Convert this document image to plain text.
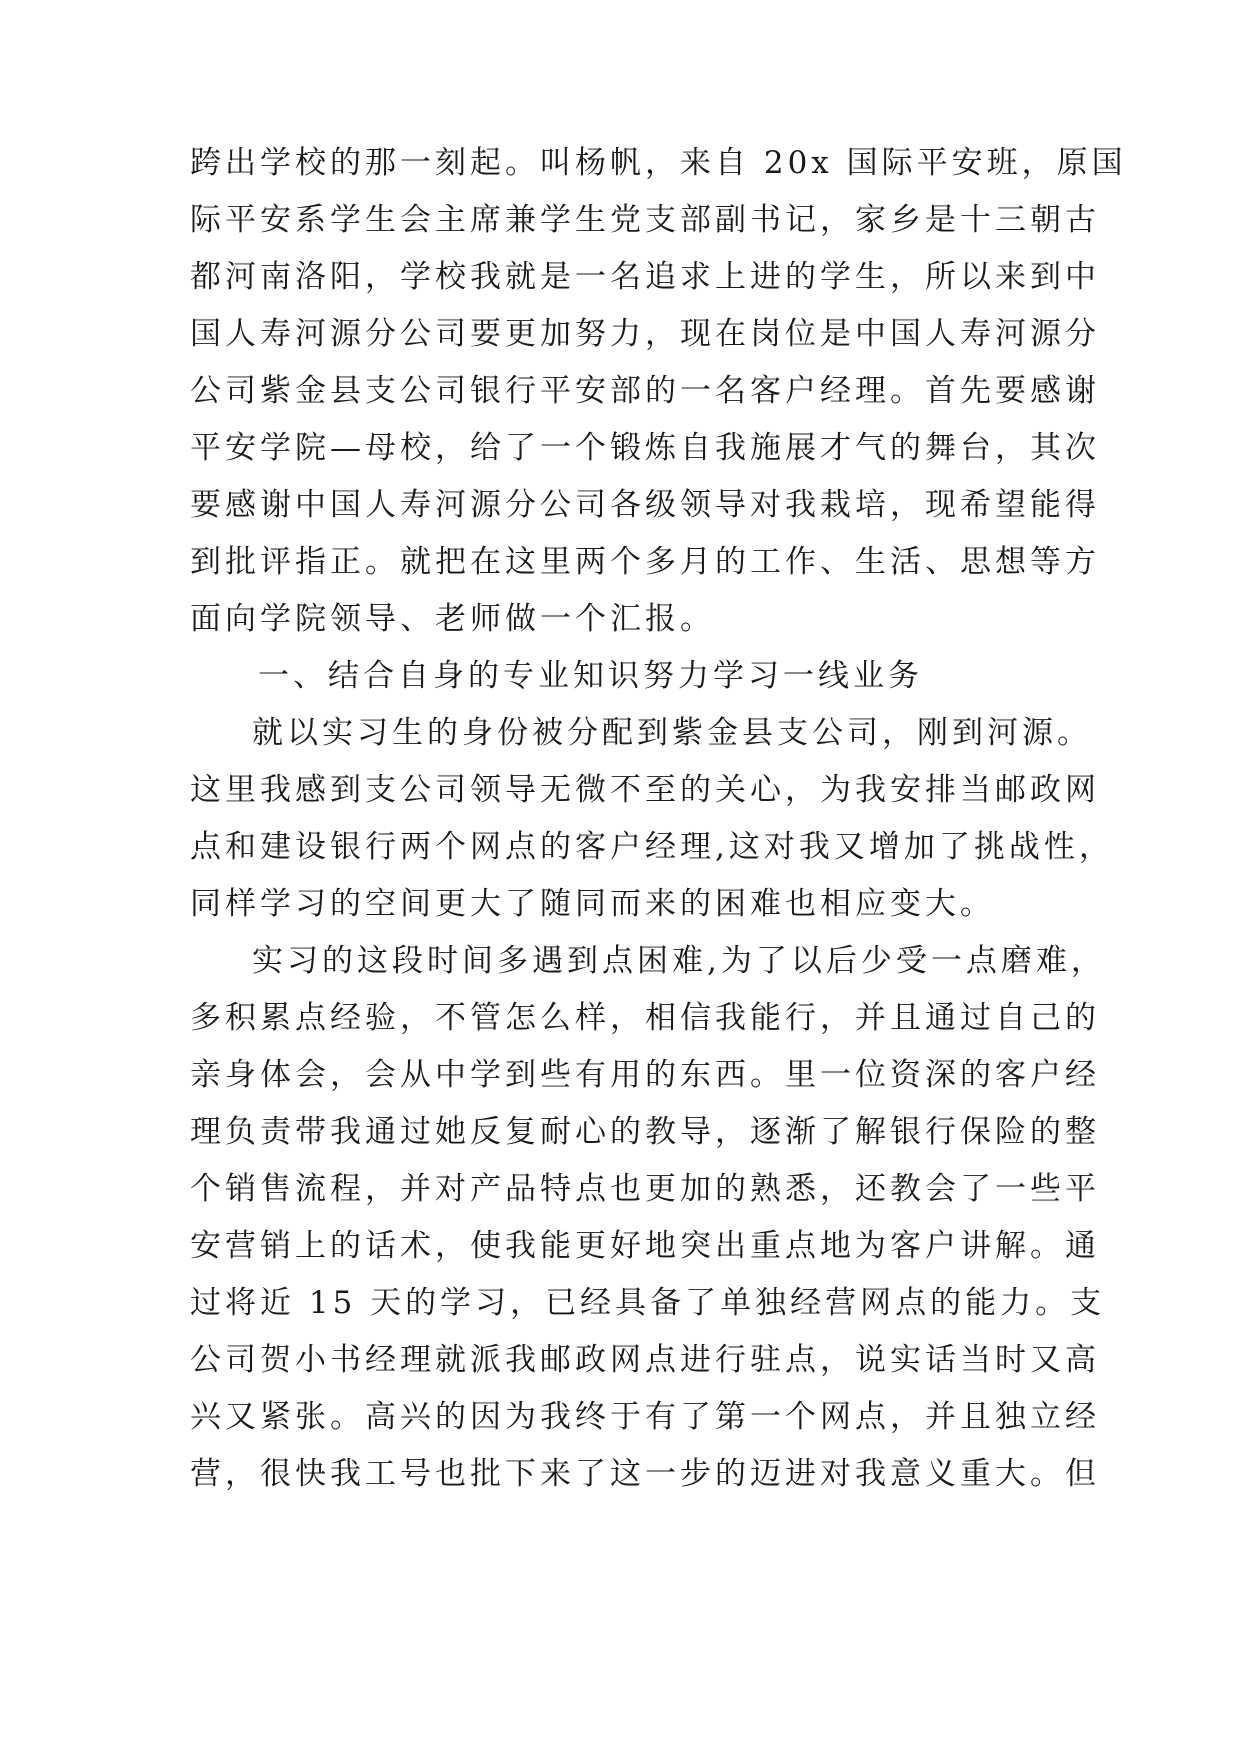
跨出学校的那一刻起。叫杨帆，来自 20x 国际平安班，原国
际平安系学生会主席兼学生党支部副书记，家乡是十三朝古
都河南洛阳，学校我就是一名追求上进的学生，所以来到中
国人寿河源分公司要更加努力，现在岗位是中国人寿河源分
公司紫金县支公司银行平安部的一名客户经理。首先要感谢
平安学院—母校，给了一个锻炼自我施展才气的舞台，其次
要感谢中国人寿河源分公司各级领导对我栽培，现希望能得
到批评指正。就把在这里两个多月的工作、生活、思想等方
面向学院领导、老师做一个汇报。
一、结合自身的专业知识努力学习一线业务
就以实习生的身份被分配到紫金县支公司，刚到河源。
这里我感到支公司领导无微不至的关心，为我安排当邮政网
点和建设银行两个网点的客户经理,这对我又增加了挑战性，
同样学习的空间更大了随同而来的困难也相应变大。
实习的这段时间多遇到点困难,为了以后少受一点磨难，
多积累点经验，不管怎么样，相信我能行，并且通过自己的
亲身体会，会从中学到些有用的东西。里一位资深的客户经
理负责带我通过她反复耐心的教导，逐渐了解银行保险的整
个销售流程，并对产品特点也更加的熟悉，还教会了一些平
安营销上的话术，使我能更好地突出重点地为客户讲解。通
过将近 15 天的学习，已经具备了单独经营网点的能力。支
公司贺小书经理就派我邮政网点进行驻点，说实话当时又高
兴又紧张。高兴的因为我终于有了第一个网点，并且独立经
营，很快我工号也批下来了这一步的迈进对我意义重大。但
